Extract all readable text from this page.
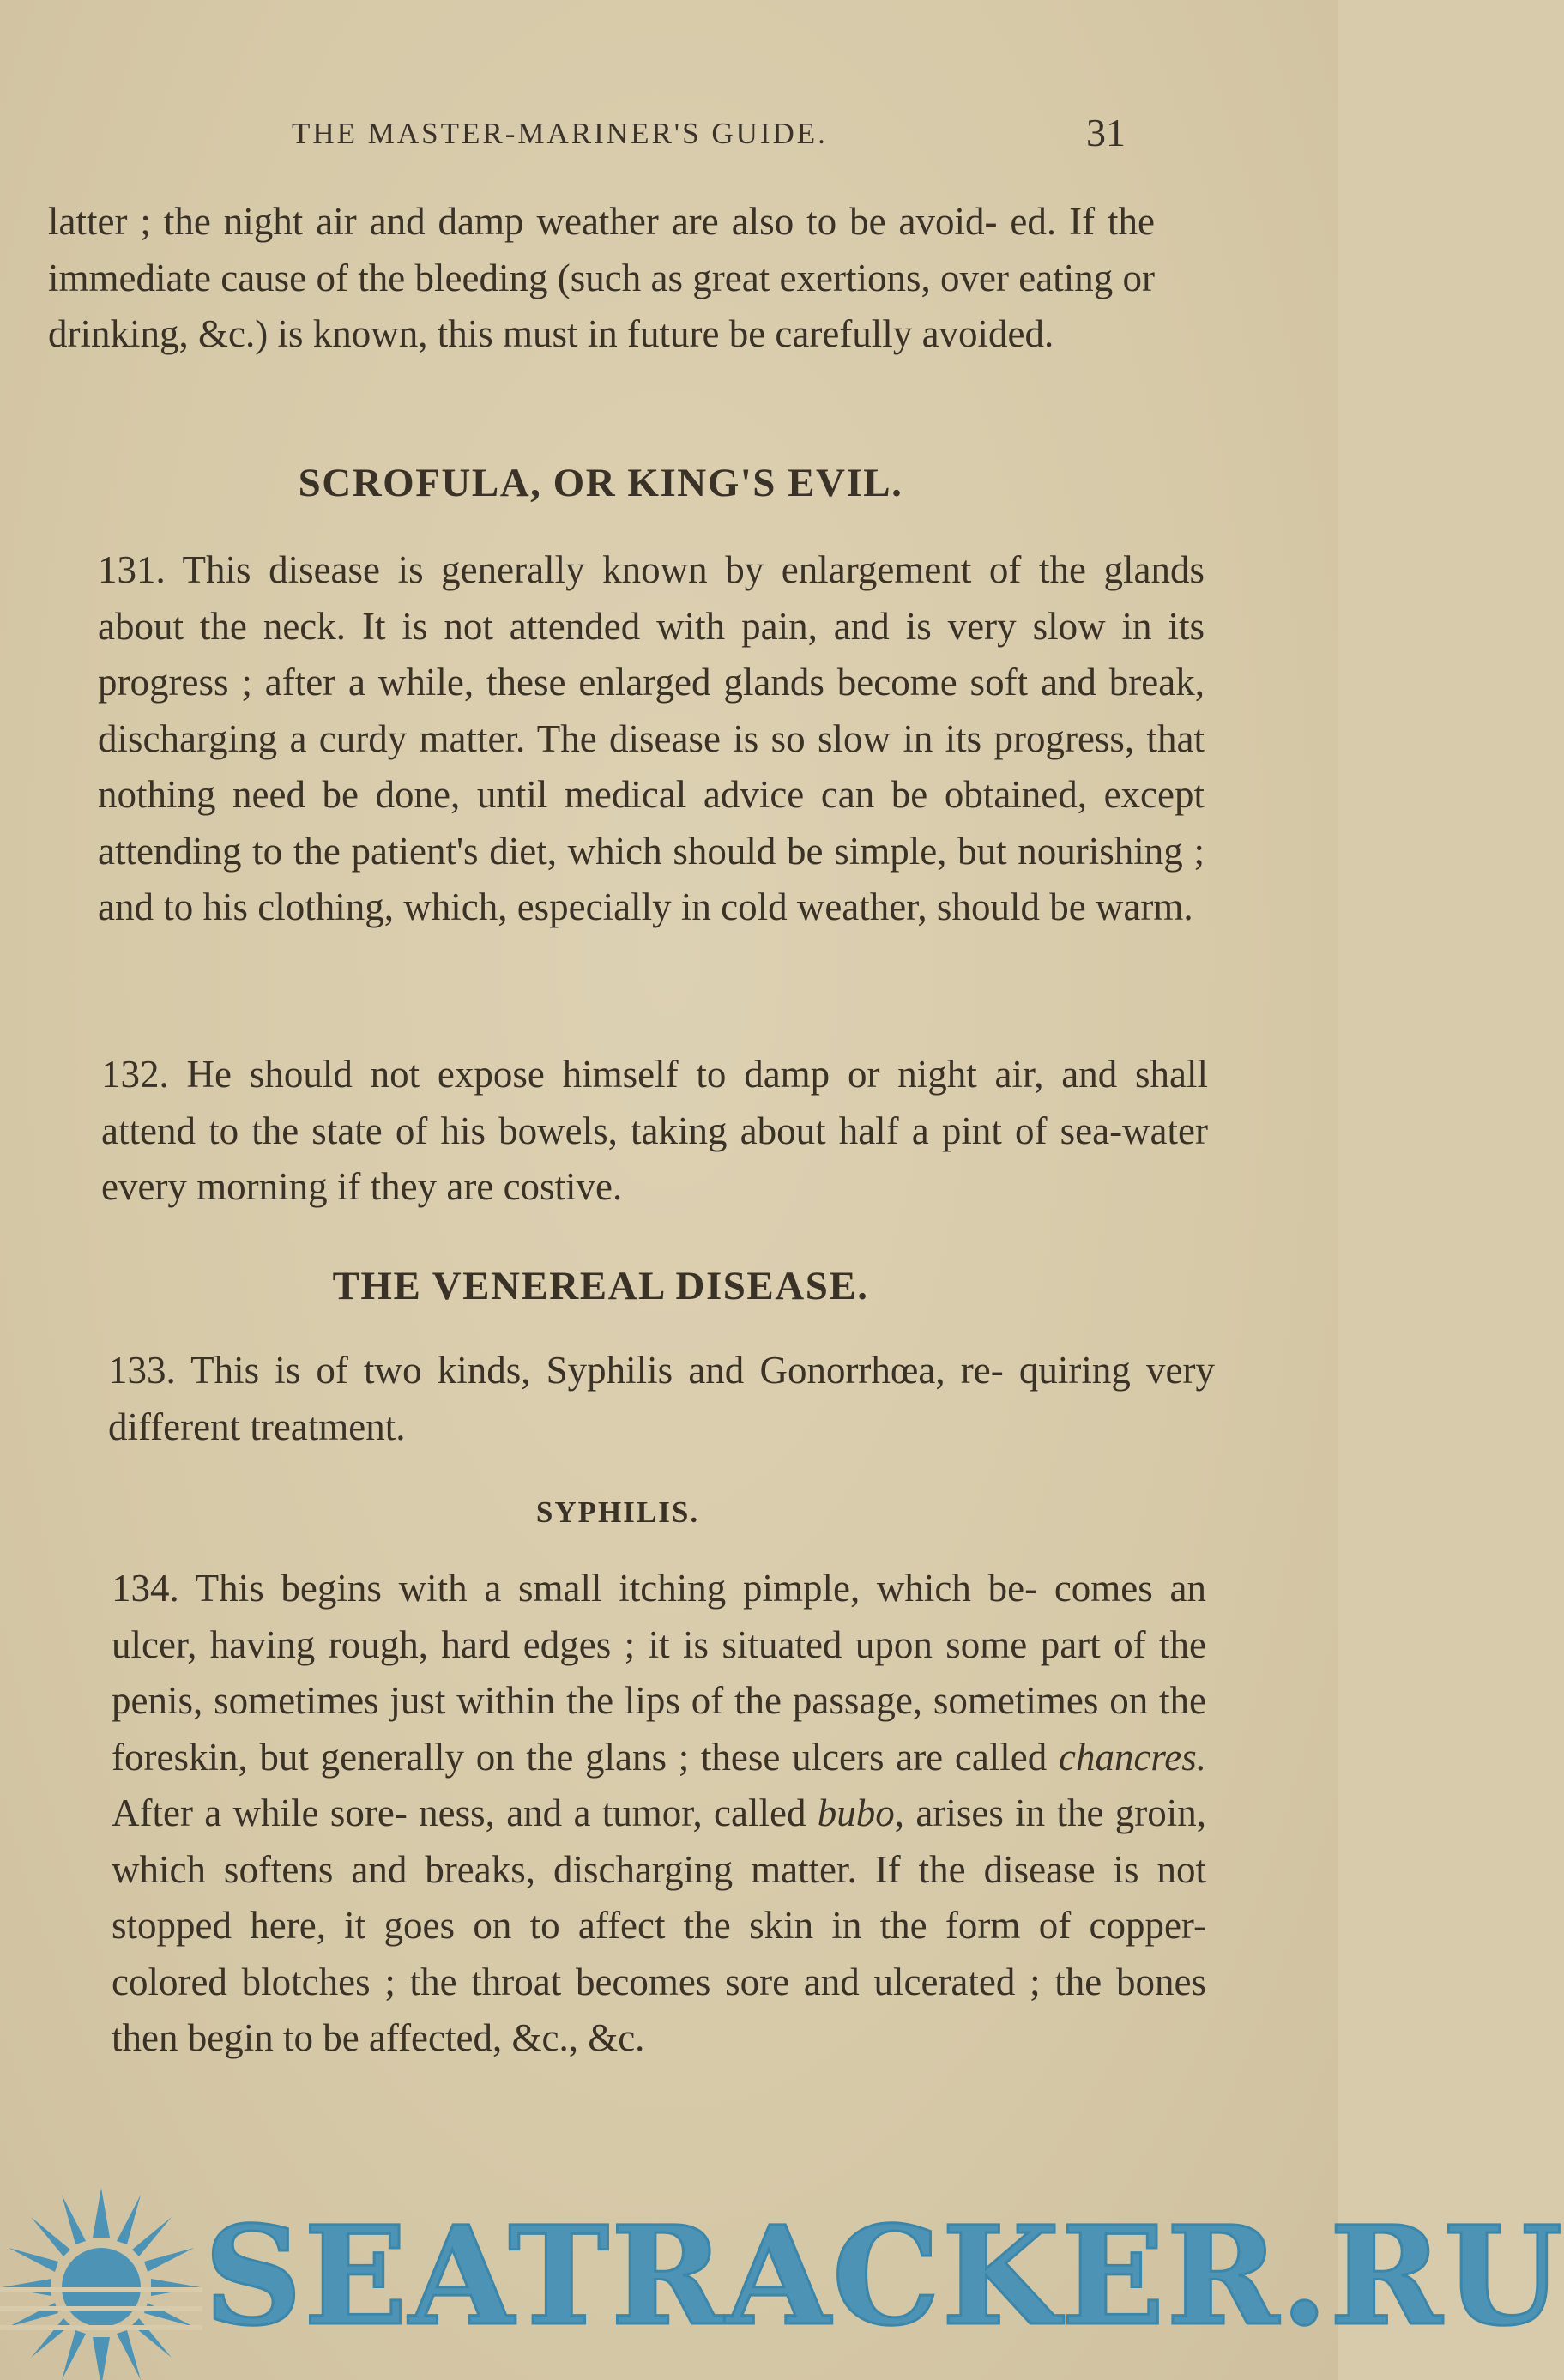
THE MASTER-MARINER'S GUIDE.	31

latter ; the night air and damp weather are also to be avoid- ed. If the immediate cause of the bleeding (such as great exertions, over eating or drinking, &c.) is known, this must in future be carefully avoided.

SCROFULA, OR KING'S EVIL.

131. This disease is generally known by enlargement of the glands about the neck. It is not attended with pain, and is very slow in its progress ; after a while, these enlarged glands become soft and break, discharging a curdy matter. The disease is so slow in its progress, that nothing need be done, until medical advice can be obtained, except attending to the patient's diet, which should be simple, but nourishing ; and to his clothing, which, especially in cold weather, should be warm.

132. He should not expose himself to damp or night air, and shall attend to the state of his bowels, taking about half a pint of sea-water every morning if they are costive.

THE VENEREAL DISEASE.

133. This is of two kinds, Syphilis and Gonorrhœa, re- quiring very different treatment.

SYPHILIS.

134. This begins with a small itching pimple, which be- comes an ulcer, having rough, hard edges ; it is situated upon some part of the penis, sometimes just within the lips of the passage, sometimes on the foreskin, but generally on the glans ; these ulcers are called chancres. After a while sore- ness, and a tumor, called bubo, arises in the groin, which softens and breaks, discharging matter. If the disease is not stopped here, it goes on to affect the skin in the form of copper-colored blotches ; the throat becomes sore and ulcerated ; the bones then begin to be affected, &c., &c.

SEATRACKER.RU
